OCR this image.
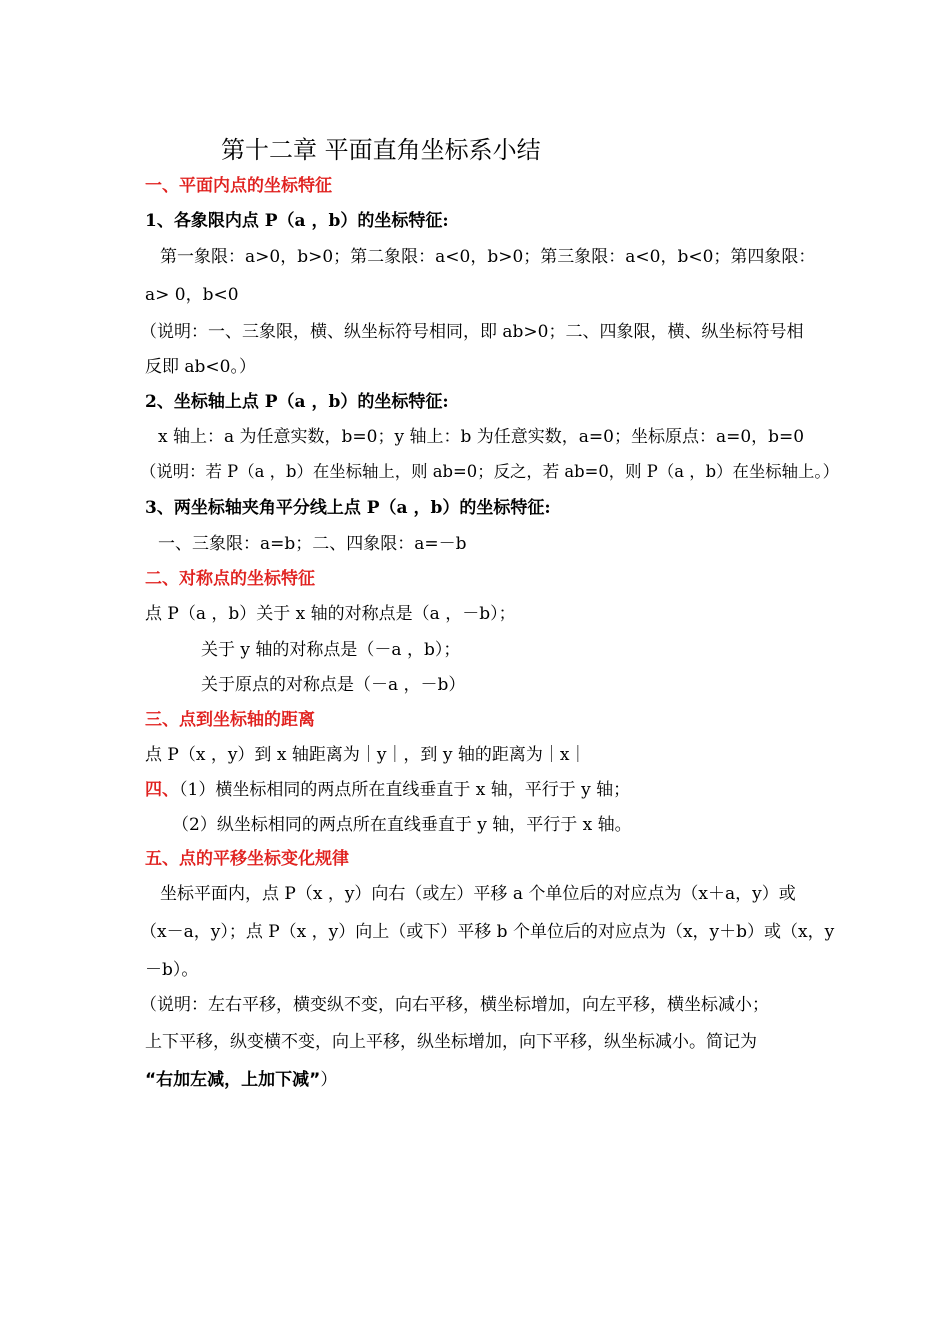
第十二章 平面直角坐标系小结
一、平面内点的坐标特征
1、各象限内点 P（a ，b）的坐标特征:
第一象限：a>0，b>0；第二象限：a<0，b>0；第三象限：a<0，b<0；第四象限：
a> 0，b<0
（说明：一、三象限，横、纵坐标符号相同，即 ab>0；二、四象限，横、纵坐标符号相
反即 ab<0。）
2、坐标轴上点 P（a ，b）的坐标特征:
x 轴上：a 为任意实数，b=0；y 轴上：b 为任意实数，a=0；坐标原点：a=0，b=0
（说明：若 P（a ，b）在坐标轴上，则 ab=0；反之，若 ab=0，则 P（a ，b）在坐标轴上。）
3、两坐标轴夹角平分线上点 P（a ，b）的坐标特征:
一、三象限：a=b；二、四象限：a=－b
二、对称点的坐标特征
点 P（a ，b）关于 x 轴的对称点是（a ，－b）；
关于 y 轴的对称点是（－a ，b）；
关于原点的对称点是（－a ，－b）
三、点到坐标轴的距离
点 P（x ，y）到 x 轴距离为｜y｜，到 y 轴的距离为｜x｜
四、（1）横坐标相同的两点所在直线垂直于 x 轴，平行于 y 轴；
（2）纵坐标相同的两点所在直线垂直于 y 轴，平行于 x 轴。
五、点的平移坐标变化规律
坐标平面内，点 P（x ，y）向右（或左）平移 a 个单位后的对应点为（x＋a，y）或
（x－a，y）；点 P（x ，y）向上（或下）平移 b 个单位后的对应点为（x，y＋b）或（x，y
－b）。
（说明：左右平移，横变纵不变，向右平移，横坐标增加，向左平移，横坐标减小；
上下平移，纵变横不变，向上平移，纵坐标增加，向下平移，纵坐标减小。简记为
“右加左减，上加下减”）
